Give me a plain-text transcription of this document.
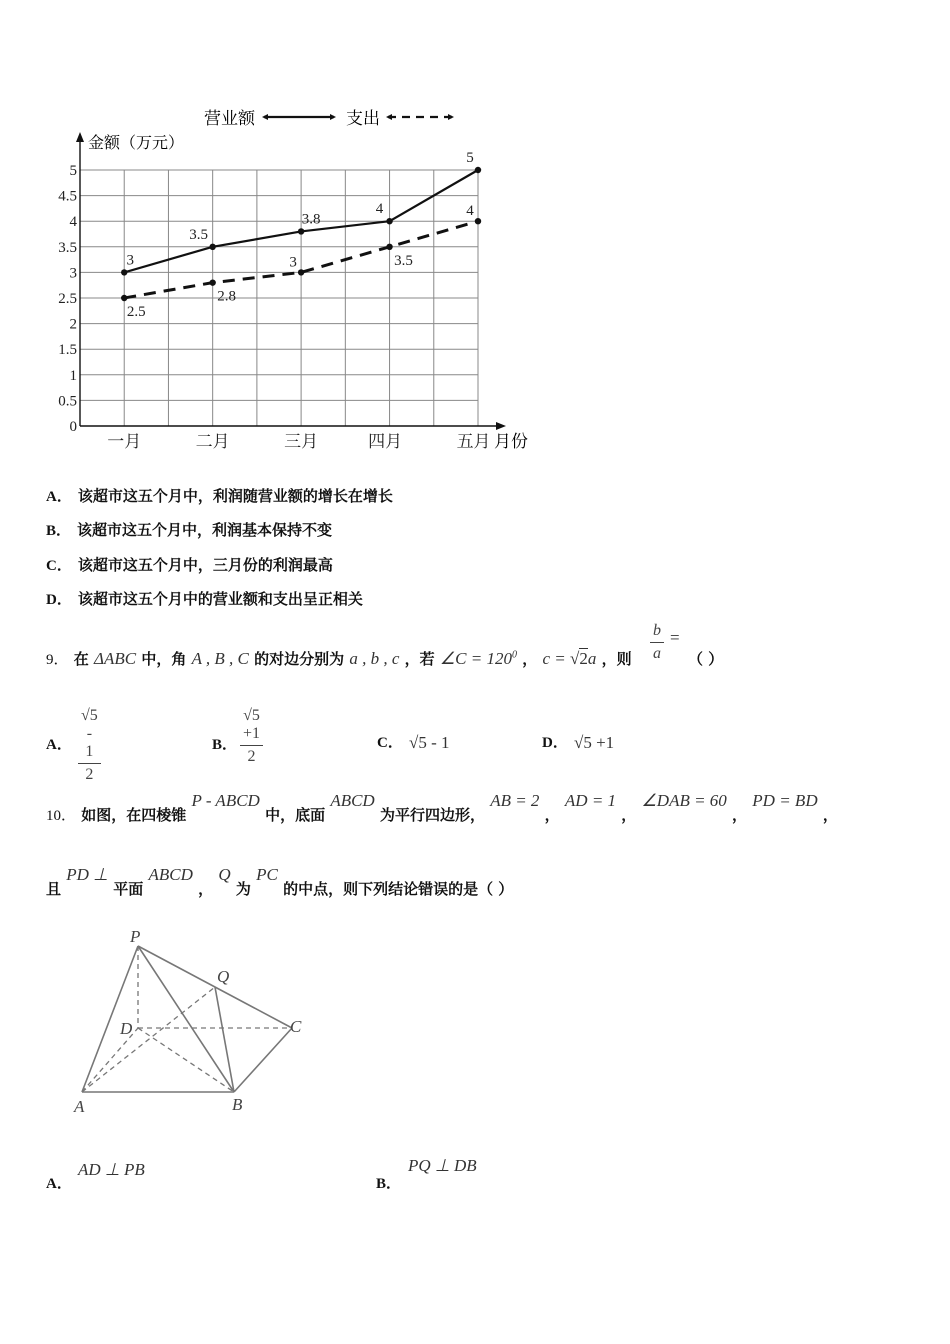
营业额	支出
金额（万元）
月份
0
0.5
1
1.5
2
2.5
3
3.5
4
4.5
5
一月	二月	三月	四月	五月
3
3.5
3.8
4
5
2.5
2.8
3	3.5
4
A． 该超市这五个月中，利润随营业额的增长在增长
B． 该超市这五个月中，利润基本保持不变
C． 该超市这五个月中，三月份的利润最高
D． 该超市这五个月中的营业额和支出呈正相关
9． 在 ΔABC 中，角 A , B , C 的对边分别为 a , b , c ，若 ∠C = $120^0$ ， c = √2a ，则 $\frac{b}{a}$ =
（ ）
A． $\frac{√5 - 1}{2}$	B． $\frac{√5 +1}{2}$	C． √5 - 1	D． √5 +1
10． 如图，在四棱锥 P - ABCD 中，底面 ABCD 为平行四边形， AB = 2 ， AD = 1 ， ∠DAB = 60 ， PD = BD ，
且 PD ⊥ 平面 ABCD ， Q 为 PC 的中点，则下列结论错误的是（ ）
P
Q
D	C
A	B
A．
AD ⊥ PB
B．
PQ ⊥ DB
